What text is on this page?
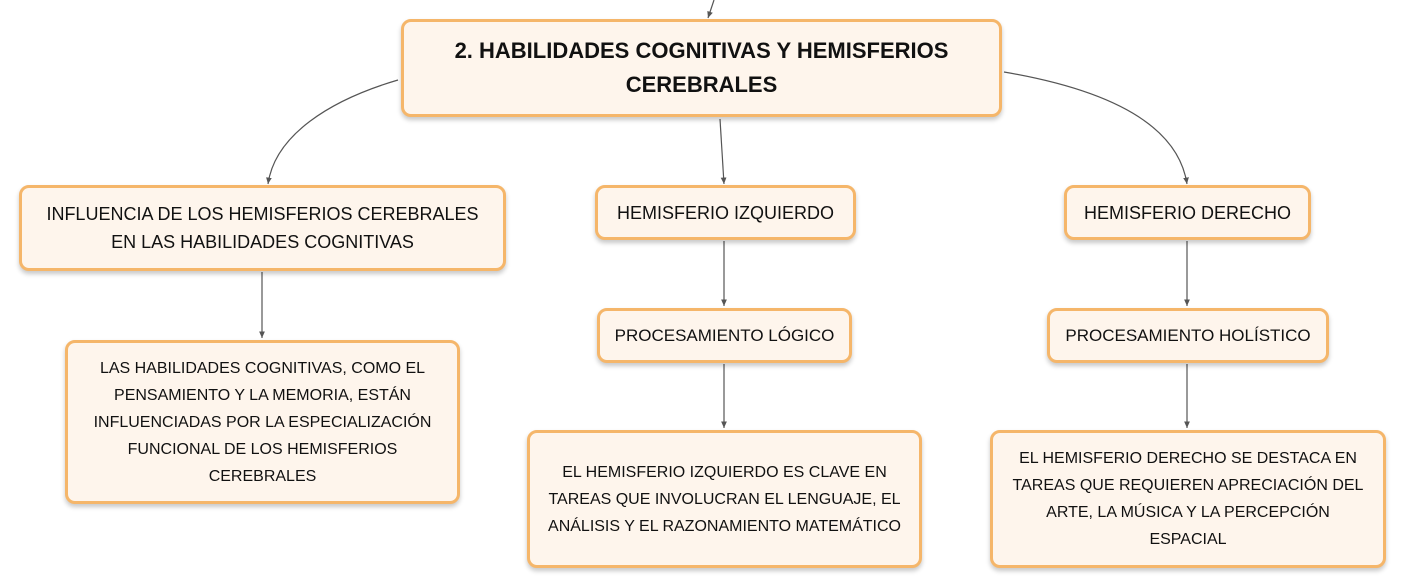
2. HABILIDADES COGNITIVAS Y HEMISFERIOS CEREBRALES
INFLUENCIA DE LOS HEMISFERIOS CEREBRALES EN LAS HABILIDADES COGNITIVAS
HEMISFERIO IZQUIERDO	HEMISFERIO DERECHO
PROCESAMIENTO LÓGICO	PROCESAMIENTO HOLÍSTICO
LAS HABILIDADES COGNITIVAS, COMO EL PENSAMIENTO Y LA MEMORIA, ESTÁN INFLUENCIADAS POR LA ESPECIALIZACIÓN FUNCIONAL DE LOS HEMISFERIOS CEREBRALES	EL HEMISFERIO IZQUIERDO ES CLAVE EN TAREAS QUE INVOLUCRAN EL LENGUAJE, EL ANÁLISIS Y EL RAZONAMIENTO MATEMÁTICO
EL HEMISFERIO DERECHO SE DESTACA EN TAREAS QUE REQUIEREN APRECIACIÓN DEL ARTE, LA MÚSICA Y LA PERCEPCIÓN ESPACIAL
